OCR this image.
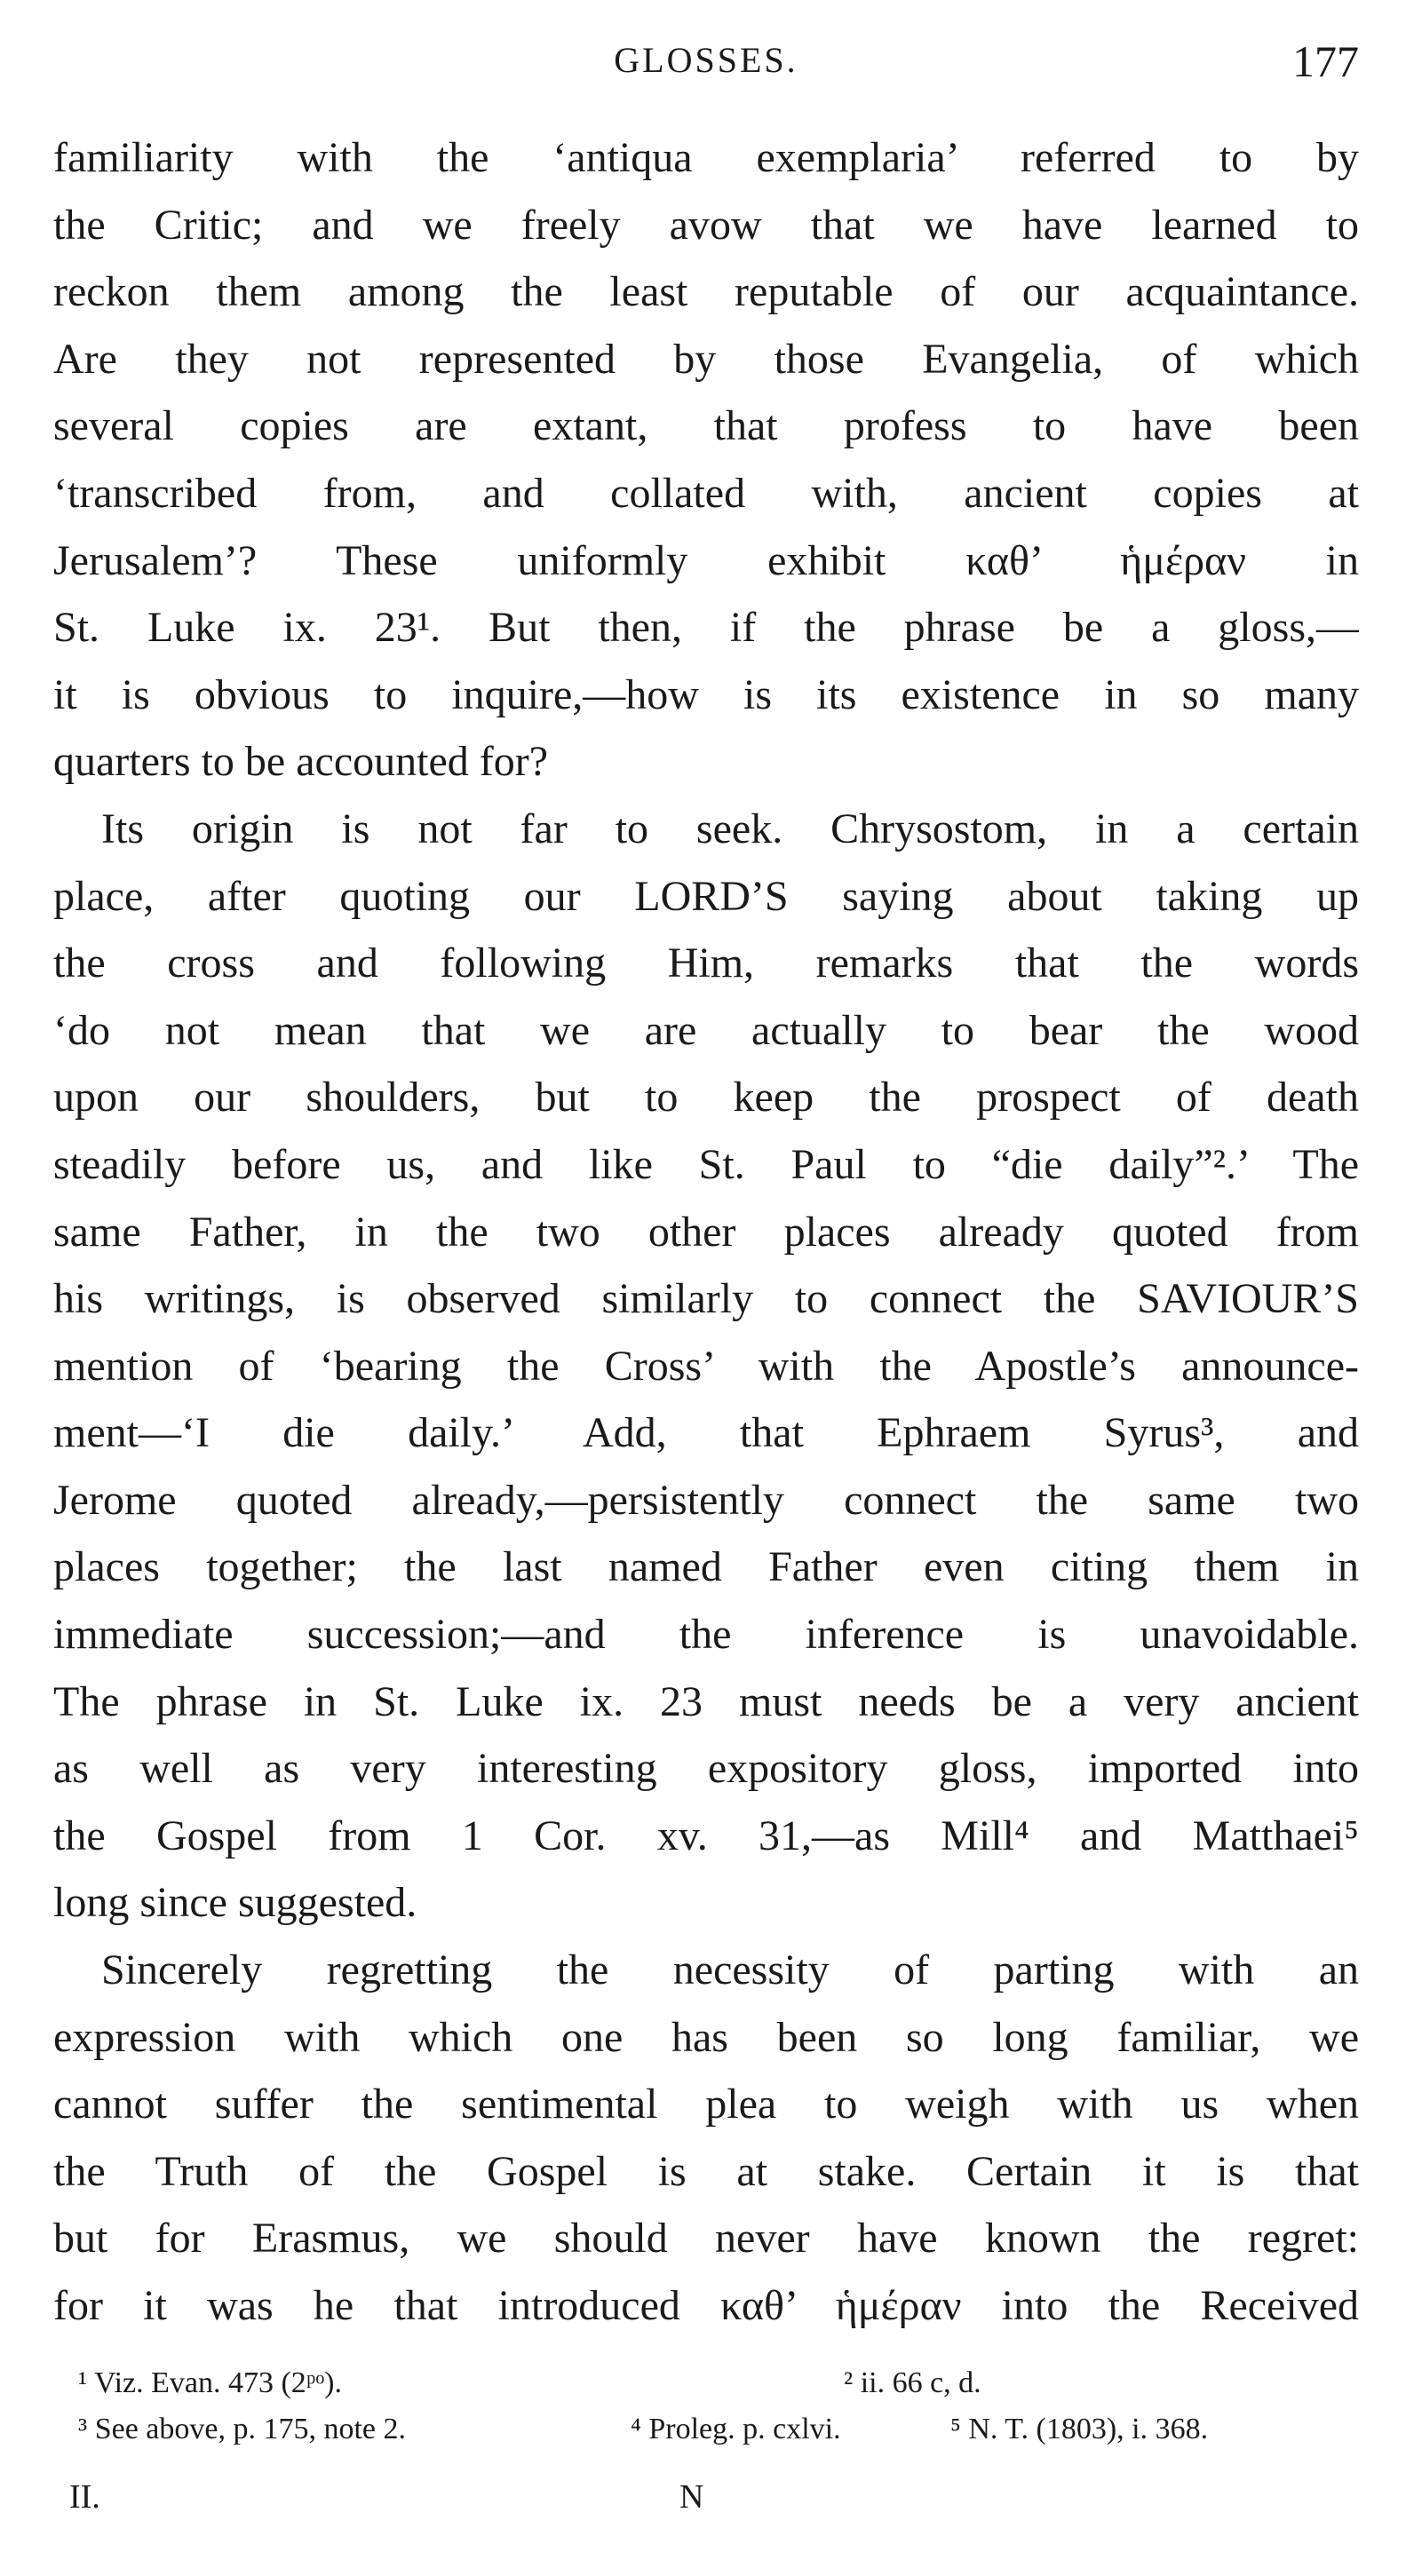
GLOSSES.	177
familiarity with the ‘antiqua exemplaria’ referred to by
the Critic; and we freely avow that we have learned to
reckon them among the least reputable of our acquaintance.
Are they not represented by those Evangelia, of which
several copies are extant, that profess to have been
‘transcribed from, and collated with, ancient copies at
Jerusalem’? These uniformly exhibit καθ’ ἡμέραν in
St. Luke ix. 23¹. But then, if the phrase be a gloss,—
it is obvious to inquire,—how is its existence in so many
quarters to be accounted for?
Its origin is not far to seek. Chrysostom, in a certain
place, after quoting our LORD’S saying about taking up
the cross and following Him, remarks that the words
‘do not mean that we are actually to bear the wood
upon our shoulders, but to keep the prospect of death
steadily before us, and like St. Paul to “die daily”².’ The
same Father, in the two other places already quoted from
his writings, is observed similarly to connect the SAVIOUR’S
mention of ‘bearing the Cross’ with the Apostle’s announce-
ment—‘I die daily.’ Add, that Ephraem Syrus³, and
Jerome quoted already,—persistently connect the same two
places together; the last named Father even citing them in
immediate succession;—and the inference is unavoidable.
The phrase in St. Luke ix. 23 must needs be a very ancient
as well as very interesting expository gloss, imported into
the Gospel from 1 Cor. xv. 31,—as Mill⁴ and Matthaei⁵
long since suggested.
Sincerely regretting the necessity of parting with an
expression with which one has been so long familiar, we
cannot suffer the sentimental plea to weigh with us when
the Truth of the Gospel is at stake. Certain it is that
but for Erasmus, we should never have known the regret:
for it was he that introduced καθ’ ἡμέραν into the Received
¹ Viz. Evan. 473 (2ᵖᵒ).	² ii. 66 c, d.
³ See above, p. 175, note 2.	⁴ Proleg. p. cxlvi.	⁵ N. T. (1803), i. 368.
II.	N
